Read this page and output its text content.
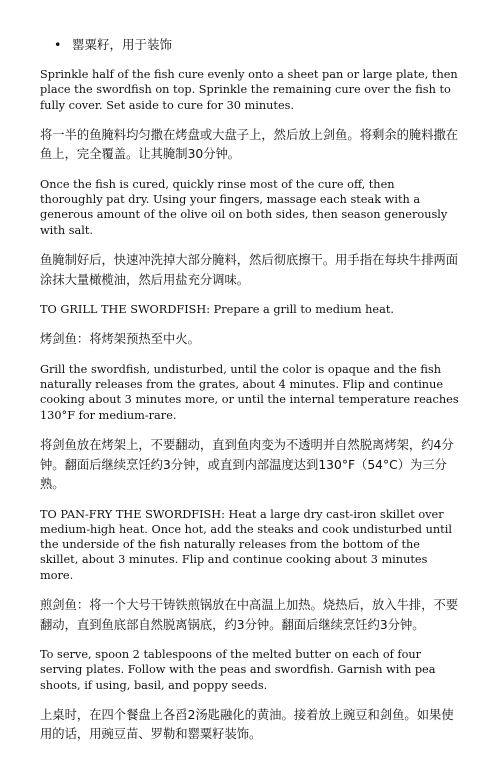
• 罂粟籽，用于装饰

Sprinkle half of the fish cure evenly onto a sheet pan or large plate, then place the swordfish on top. Sprinkle the remaining cure over the fish to fully cover. Set aside to cure for 30 minutes.

将一半的鱼腌料均匀撒在烤盘或大盘子上，然后放上剑鱼。将剩余的腌料撒在鱼上，完全覆盖。让其腌制30分钟。

Once the fish is cured, quickly rinse most of the cure off, then thoroughly pat dry. Using your fingers, massage each steak with a generous amount of the olive oil on both sides, then season generously with salt.

鱼腌制好后，快速冲洗掉大部分腌料，然后彻底擦干。用手指在每块牛排两面涂抹大量橄榄油，然后用盐充分调味。

TO GRILL THE SWORDFISH: Prepare a grill to medium heat.

烤剑鱼：将烤架预热至中火。

Grill the swordfish, undisturbed, until the color is opaque and the fish naturally releases from the grates, about 4 minutes. Flip and continue cooking about 3 minutes more, or until the internal temperature reaches 130°F for medium-rare.

将剑鱼放在烤架上，不要翻动，直到鱼肉变为不透明并自然脱离烤架，约4分钟。翻面后继续烹饪约3分钟，或直到内部温度达到130°F（54°C）为三分熟。

TO PAN-FRY THE SWORDFISH: Heat a large dry cast-iron skillet over medium-high heat. Once hot, add the steaks and cook undisturbed until the underside of the fish naturally releases from the bottom of the skillet, about 3 minutes. Flip and continue cooking about 3 minutes more.

煎剑鱼：将一个大号干铸铁煎锅放在中高温上加热。烧热后，放入牛排，不要翻动，直到鱼底部自然脱离锅底，约3分钟。翻面后继续烹饪约3分钟。

To serve, spoon 2 tablespoons of the melted butter on each of four serving plates. Follow with the peas and swordfish. Garnish with pea shoots, if using, basil, and poppy seeds.

上桌时，在四个餐盘上各舀2汤匙融化的黄油。接着放上豌豆和剑鱼。如果使用的话，用豌豆苗、罗勒和罂粟籽装饰。
